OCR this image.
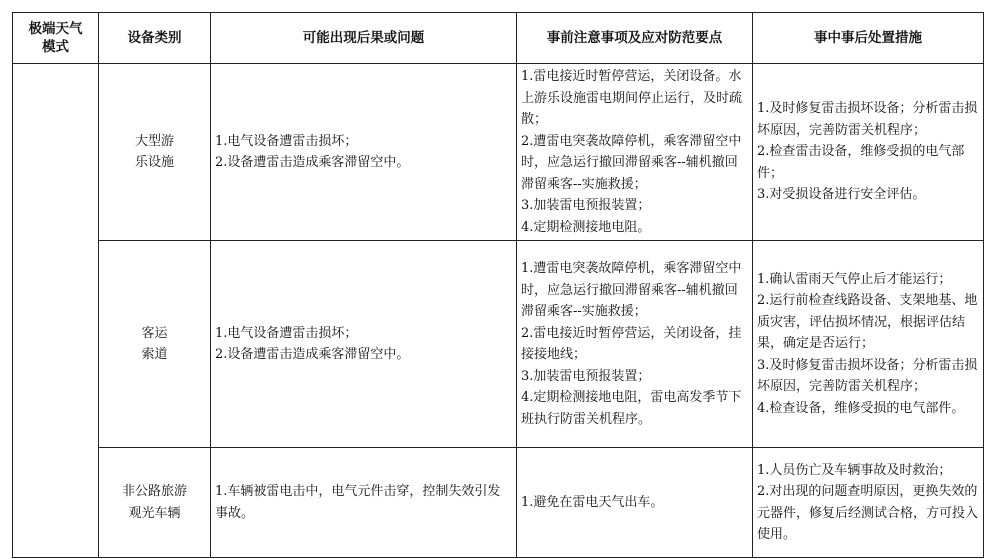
极端天气
模式	设备类别	可能出现后果或问题	事前注意事项及应对防范要点	事中事后处置措施

	大型游
乐设施	1.电气设备遭雷击损坏；
2.设备遭雷击造成乘客滞留空中。	1.雷电接近时暂停营运，关闭设备。水上游乐设施雷电期间停止运行，及时疏散；
2.遭雷电突袭故障停机，乘客滞留空中时，应急运行撤回滞留乘客--辅机撤回滞留乘客--实施救援；
3.加装雷电预报装置；
4.定期检测接地电阻。	1.及时修复雷击损坏设备；分析雷击损坏原因，完善防雷关机程序；
2.检查雷击设备，维修受损的电气部件；
3.对受损设备进行安全评估。

	客运
索道	1.电气设备遭雷击损坏；
2.设备遭雷击造成乘客滞留空中。	1.遭雷电突袭故障停机，乘客滞留空中时，应急运行撤回滞留乘客--辅机撤回滞留乘客--实施救援；
2.雷电接近时暂停营运，关闭设备，挂接接地线；
3.加装雷电预报装置；
4.定期检测接地电阻，雷电高发季节下班执行防雷关机程序。	1.确认雷雨天气停止后才能运行；
2.运行前检查线路设备、支架地基、地质灾害，评估损坏情况，根据评估结果，确定是否运行；
3.及时修复雷击损坏设备；分析雷击损坏原因，完善防雷关机程序；
4.检查设备，维修受损的电气部件。

	非公路旅游
观光车辆	1.车辆被雷电击中，电气元件击穿，控制失效引发事故。	1.避免在雷电天气出车。	1.人员伤亡及车辆事故及时救治；
2.对出现的问题查明原因，更换失效的元器件，修复后经测试合格，方可投入使用。
